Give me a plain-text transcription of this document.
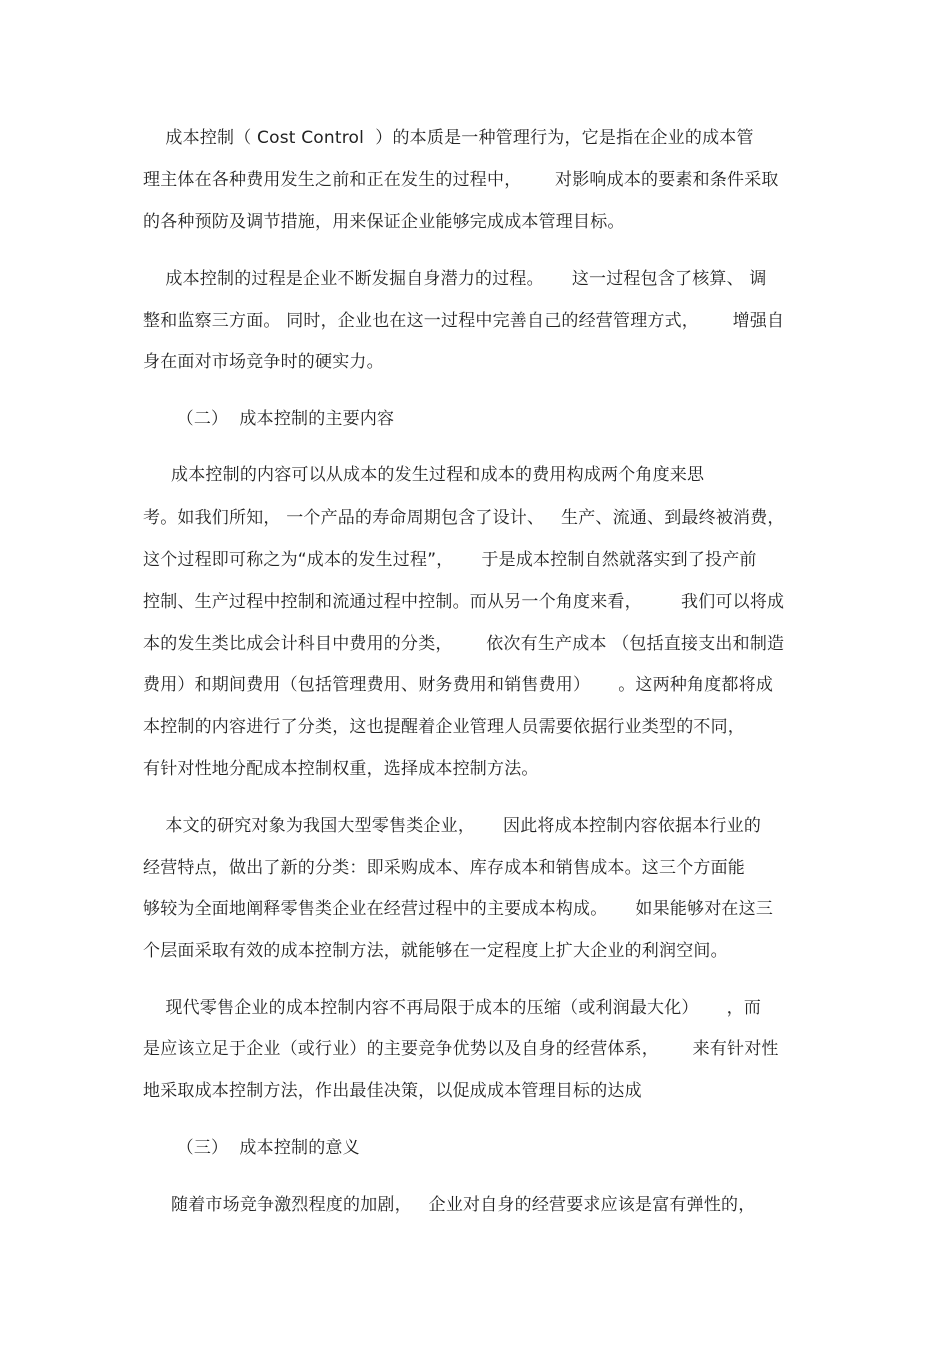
成本控制（ Cost Control  ）的本质是一种管理行为，它是指在企业的成本管
理主体在各种费用发生之前和正在发生的过程中，      对影响成本的要素和条件采取
的各种预防及调节措施，用来保证企业能够完成成本管理目标。
成本控制的过程是企业不断发掘自身潜力的过程。     这一过程包含了核算、 调
整和监察三方面。 同时，企业也在这一过程中完善自己的经营管理方式，      增强自
身在面对市场竞争时的硬实力。
（二）  成本控制的主要内容
成本控制的内容可以从成本的发生过程和成本的费用构成两个角度来思
考。如我们所知， 一个产品的寿命周期包含了设计、   生产、流通、到最终被消费，
这个过程即可称之为“成本的发生过程”，     于是成本控制自然就落实到了投产前
控制、生产过程中控制和流通过程中控制。而从另一个角度来看，       我们可以将成
本的发生类比成会计科目中费用的分类，      依次有生产成本 （包括直接支出和制造
费用）和期间费用（包括管理费用、财务费用和销售费用）     。这两种角度都将成
本控制的内容进行了分类，这也提醒着企业管理人员需要依据行业类型的不同，
有针对性地分配成本控制权重，选择成本控制方法。
本文的研究对象为我国大型零售类企业，     因此将成本控制内容依据本行业的
经营特点，做出了新的分类：即采购成本、库存成本和销售成本。这三个方面能
够较为全面地阐释零售类企业在经营过程中的主要成本构成。     如果能够对在这三
个层面采取有效的成本控制方法，就能够在一定程度上扩大企业的利润空间。
现代零售企业的成本控制内容不再局限于成本的压缩（或利润最大化）     ，而
是应该立足于企业（或行业）的主要竞争优势以及自身的经营体系，      来有针对性
地采取成本控制方法，作出最佳决策，以促成成本管理目标的达成
（三）  成本控制的意义
随着市场竞争激烈程度的加剧，   企业对自身的经营要求应该是富有弹性的，
